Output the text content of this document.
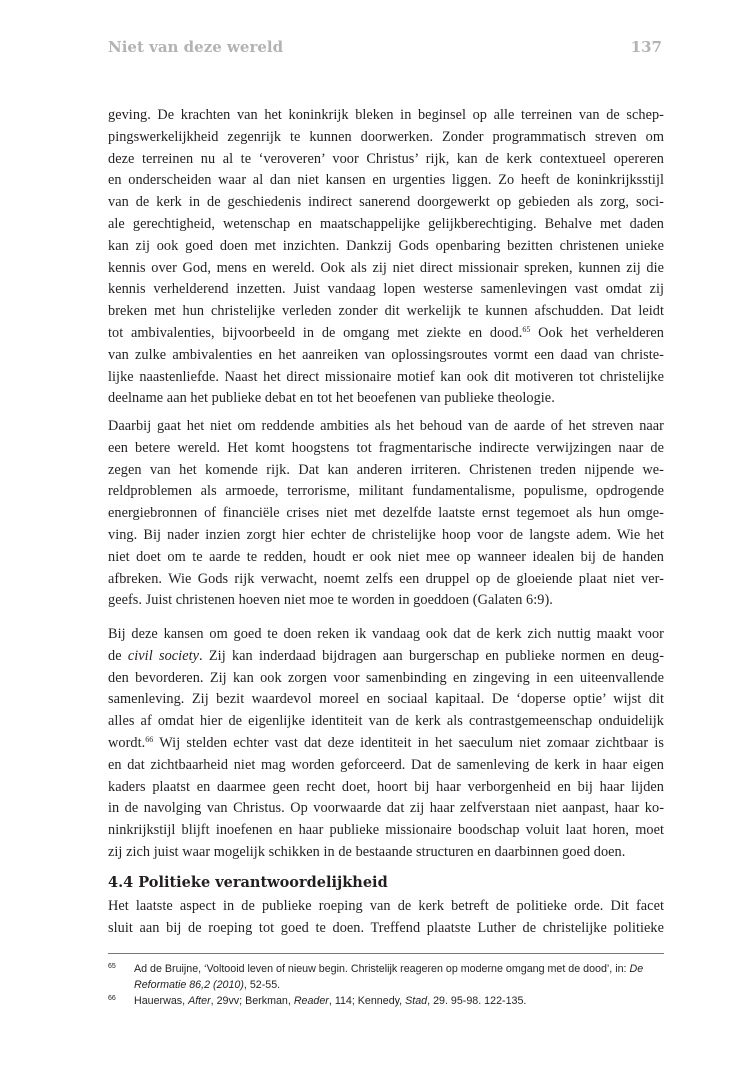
Niet van deze wereld	137
geving. De krachten van het koninkrijk bleken in beginsel op alle terreinen van de schep-
pingswerkelijkheid zegenrijk te kunnen doorwerken. Zonder programmatisch streven om
deze terreinen nu al te ‘veroveren’ voor Christus’ rijk, kan de kerk contextueel opereren
en onderscheiden waar al dan niet kansen en urgenties liggen. Zo heeft de koninkrijksstijl
van de kerk in de geschiedenis indirect sanerend doorgewerkt op gebieden als zorg, soci-
ale gerechtigheid, wetenschap en maatschappelijke gelijkberechtiging. Behalve met daden
kan zij ook goed doen met inzichten. Dankzij Gods openbaring bezitten christenen unieke
kennis over God, mens en wereld. Ook als zij niet direct missionair spreken, kunnen zij die
kennis verhelderend inzetten. Juist vandaag lopen westerse samenlevingen vast omdat zij
breken met hun christelijke verleden zonder dit werkelijk te kunnen afschudden. Dat leidt
tot ambivalenties, bijvoorbeeld in de omgang met ziekte en dood.$^{65}$ Ook het verhelderen
van zulke ambivalenties en het aanreiken van oplossingsroutes vormt een daad van christe-
lijke naastenliefde. Naast het direct missionaire motief kan ook dit motiveren tot christelijke
deelname aan het publieke debat en tot het beoefenen van publieke theologie.
Daarbij gaat het niet om reddende ambities als het behoud van de aarde of het streven naar
een betere wereld. Het komt hoogstens tot fragmentarische indirecte verwijzingen naar de
zegen van het komende rijk. Dat kan anderen irriteren. Christenen treden nijpende we-
reldproblemen als armoede, terrorisme, militant fundamentalisme, populisme, opdrogende
energiebronnen of financiële crises niet met dezelfde laatste ernst tegemoet als hun omge-
ving. Bij nader inzien zorgt hier echter de christelijke hoop voor de langste adem. Wie het
niet doet om te aarde te redden, houdt er ook niet mee op wanneer idealen bij de handen
afbreken. Wie Gods rijk verwacht, noemt zelfs een druppel op de gloeiende plaat niet ver-
geefs. Juist christenen hoeven niet moe te worden in goeddoen (Galaten 6:9).
Bij deze kansen om goed te doen reken ik vandaag ook dat de kerk zich nuttig maakt voor
de civil society. Zij kan inderdaad bijdragen aan burgerschap en publieke normen en deug-
den bevorderen. Zij kan ook zorgen voor samenbinding en zingeving in een uiteenvallende
samenleving. Zij bezit waardevol moreel en sociaal kapitaal. De ‘doperse optie’ wijst dit
alles af omdat hier de eigenlijke identiteit van de kerk als contrastgemeenschap onduidelijk
wordt.$^{66}$ Wij stelden echter vast dat deze identiteit in het saeculum niet zomaar zichtbaar is
en dat zichtbaarheid niet mag worden geforceerd. Dat de samenleving de kerk in haar eigen
kaders plaatst en daarmee geen recht doet, hoort bij haar verborgenheid en bij haar lijden
in de navolging van Christus. Op voorwaarde dat zij haar zelfverstaan niet aanpast, haar ko-
ninkrijkstijl blijft inoefenen en haar publieke missionaire boodschap voluit laat horen, moet
zij zich juist waar mogelijk schikken in de bestaande structuren en daarbinnen goed doen.
4.4 Politieke verantwoordelijkheid
Het laatste aspect in de publieke roeping van de kerk betreft de politieke orde. Dit facet
sluit aan bij de roeping tot goed te doen. Treffend plaatste Luther de christelijke politieke
65 Ad de Bruijne, ‘Voltooid leven of nieuw begin. Christelijk reageren op moderne omgang met de dood’, in: De
Reformatie 86,2 (2010), 52-55.
66 Hauerwas, After, 29vv; Berkman, Reader, 114; Kennedy, Stad, 29. 95-98. 122-135.
